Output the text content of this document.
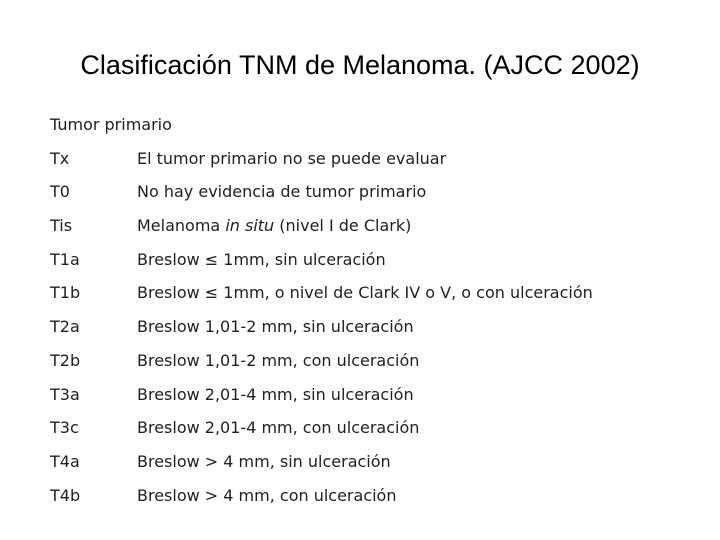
Clasificación TNM de Melanoma. (AJCC 2002)
Tumor primario
Tx	El tumor primario no se puede evaluar
T0	No hay evidencia de tumor primario
Tis	Melanoma in situ (nivel I de Clark)
T1a	Breslow ≤ 1mm, sin ulceración
T1b	Breslow ≤ 1mm, o nivel de Clark IV o V, o con ulceración
T2a	Breslow 1,01-2 mm, sin ulceración
T2b	Breslow 1,01-2 mm, con ulceración
T3a	Breslow 2,01-4 mm, sin ulceración
T3c	Breslow 2,01-4 mm, con ulceración
T4a	Breslow > 4 mm, sin ulceración
T4b	Breslow > 4 mm, con ulceración
